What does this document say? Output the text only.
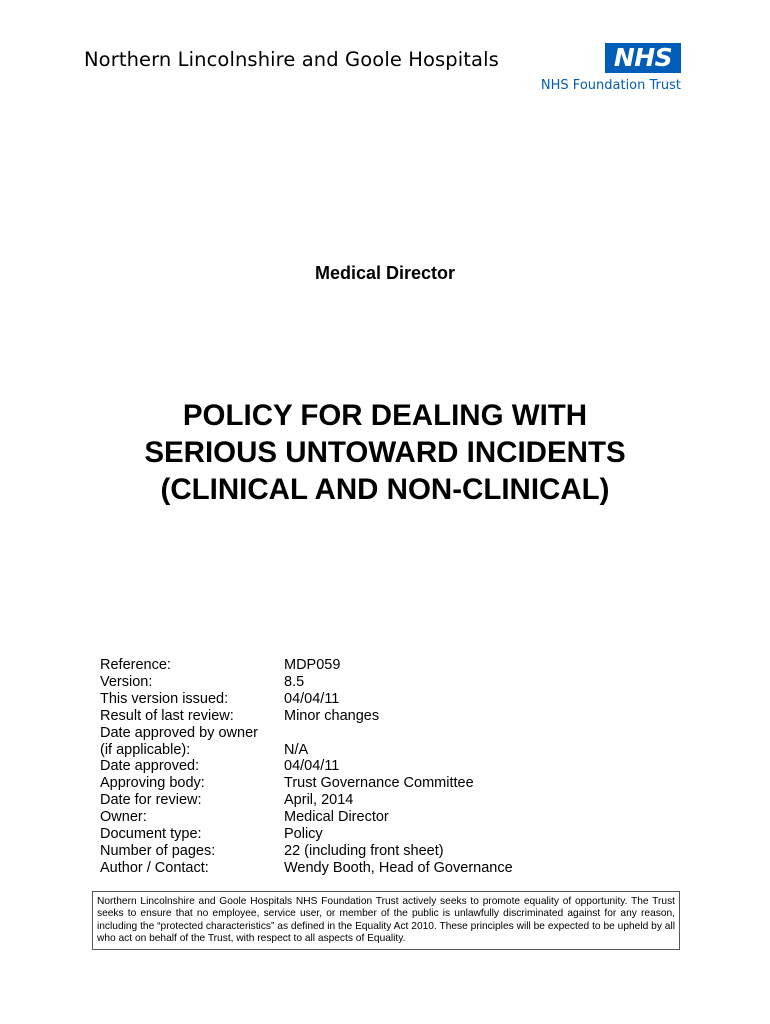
Northern Lincolnshire and Goole Hospitals	NHS
NHS Foundation Trust
Medical Director
POLICY FOR DEALING WITH
SERIOUS UNTOWARD INCIDENTS
(CLINICAL AND NON-CLINICAL)
Reference:	MDP059
Version:	8.5
This version issued:	04/04/11
Result of last review:	Minor changes
Date approved by owner
(if applicable):	N/A
Date approved:	04/04/11
Approving body:	Trust Governance Committee
Date for review:	April, 2014
Owner:	Medical Director
Document type:	Policy
Number of pages:	22 (including front sheet)
Author / Contact:	Wendy Booth, Head of Governance
Northern Lincolnshire and Goole Hospitals NHS Foundation Trust actively seeks to promote equality of opportunity. The Trust seeks to ensure that no employee, service user, or member of the public is unlawfully discriminated against for any reason, including the “protected characteristics” as defined in the Equality Act 2010. These principles will be expected to be upheld by all who act on behalf of the Trust, with respect to all aspects of Equality.
